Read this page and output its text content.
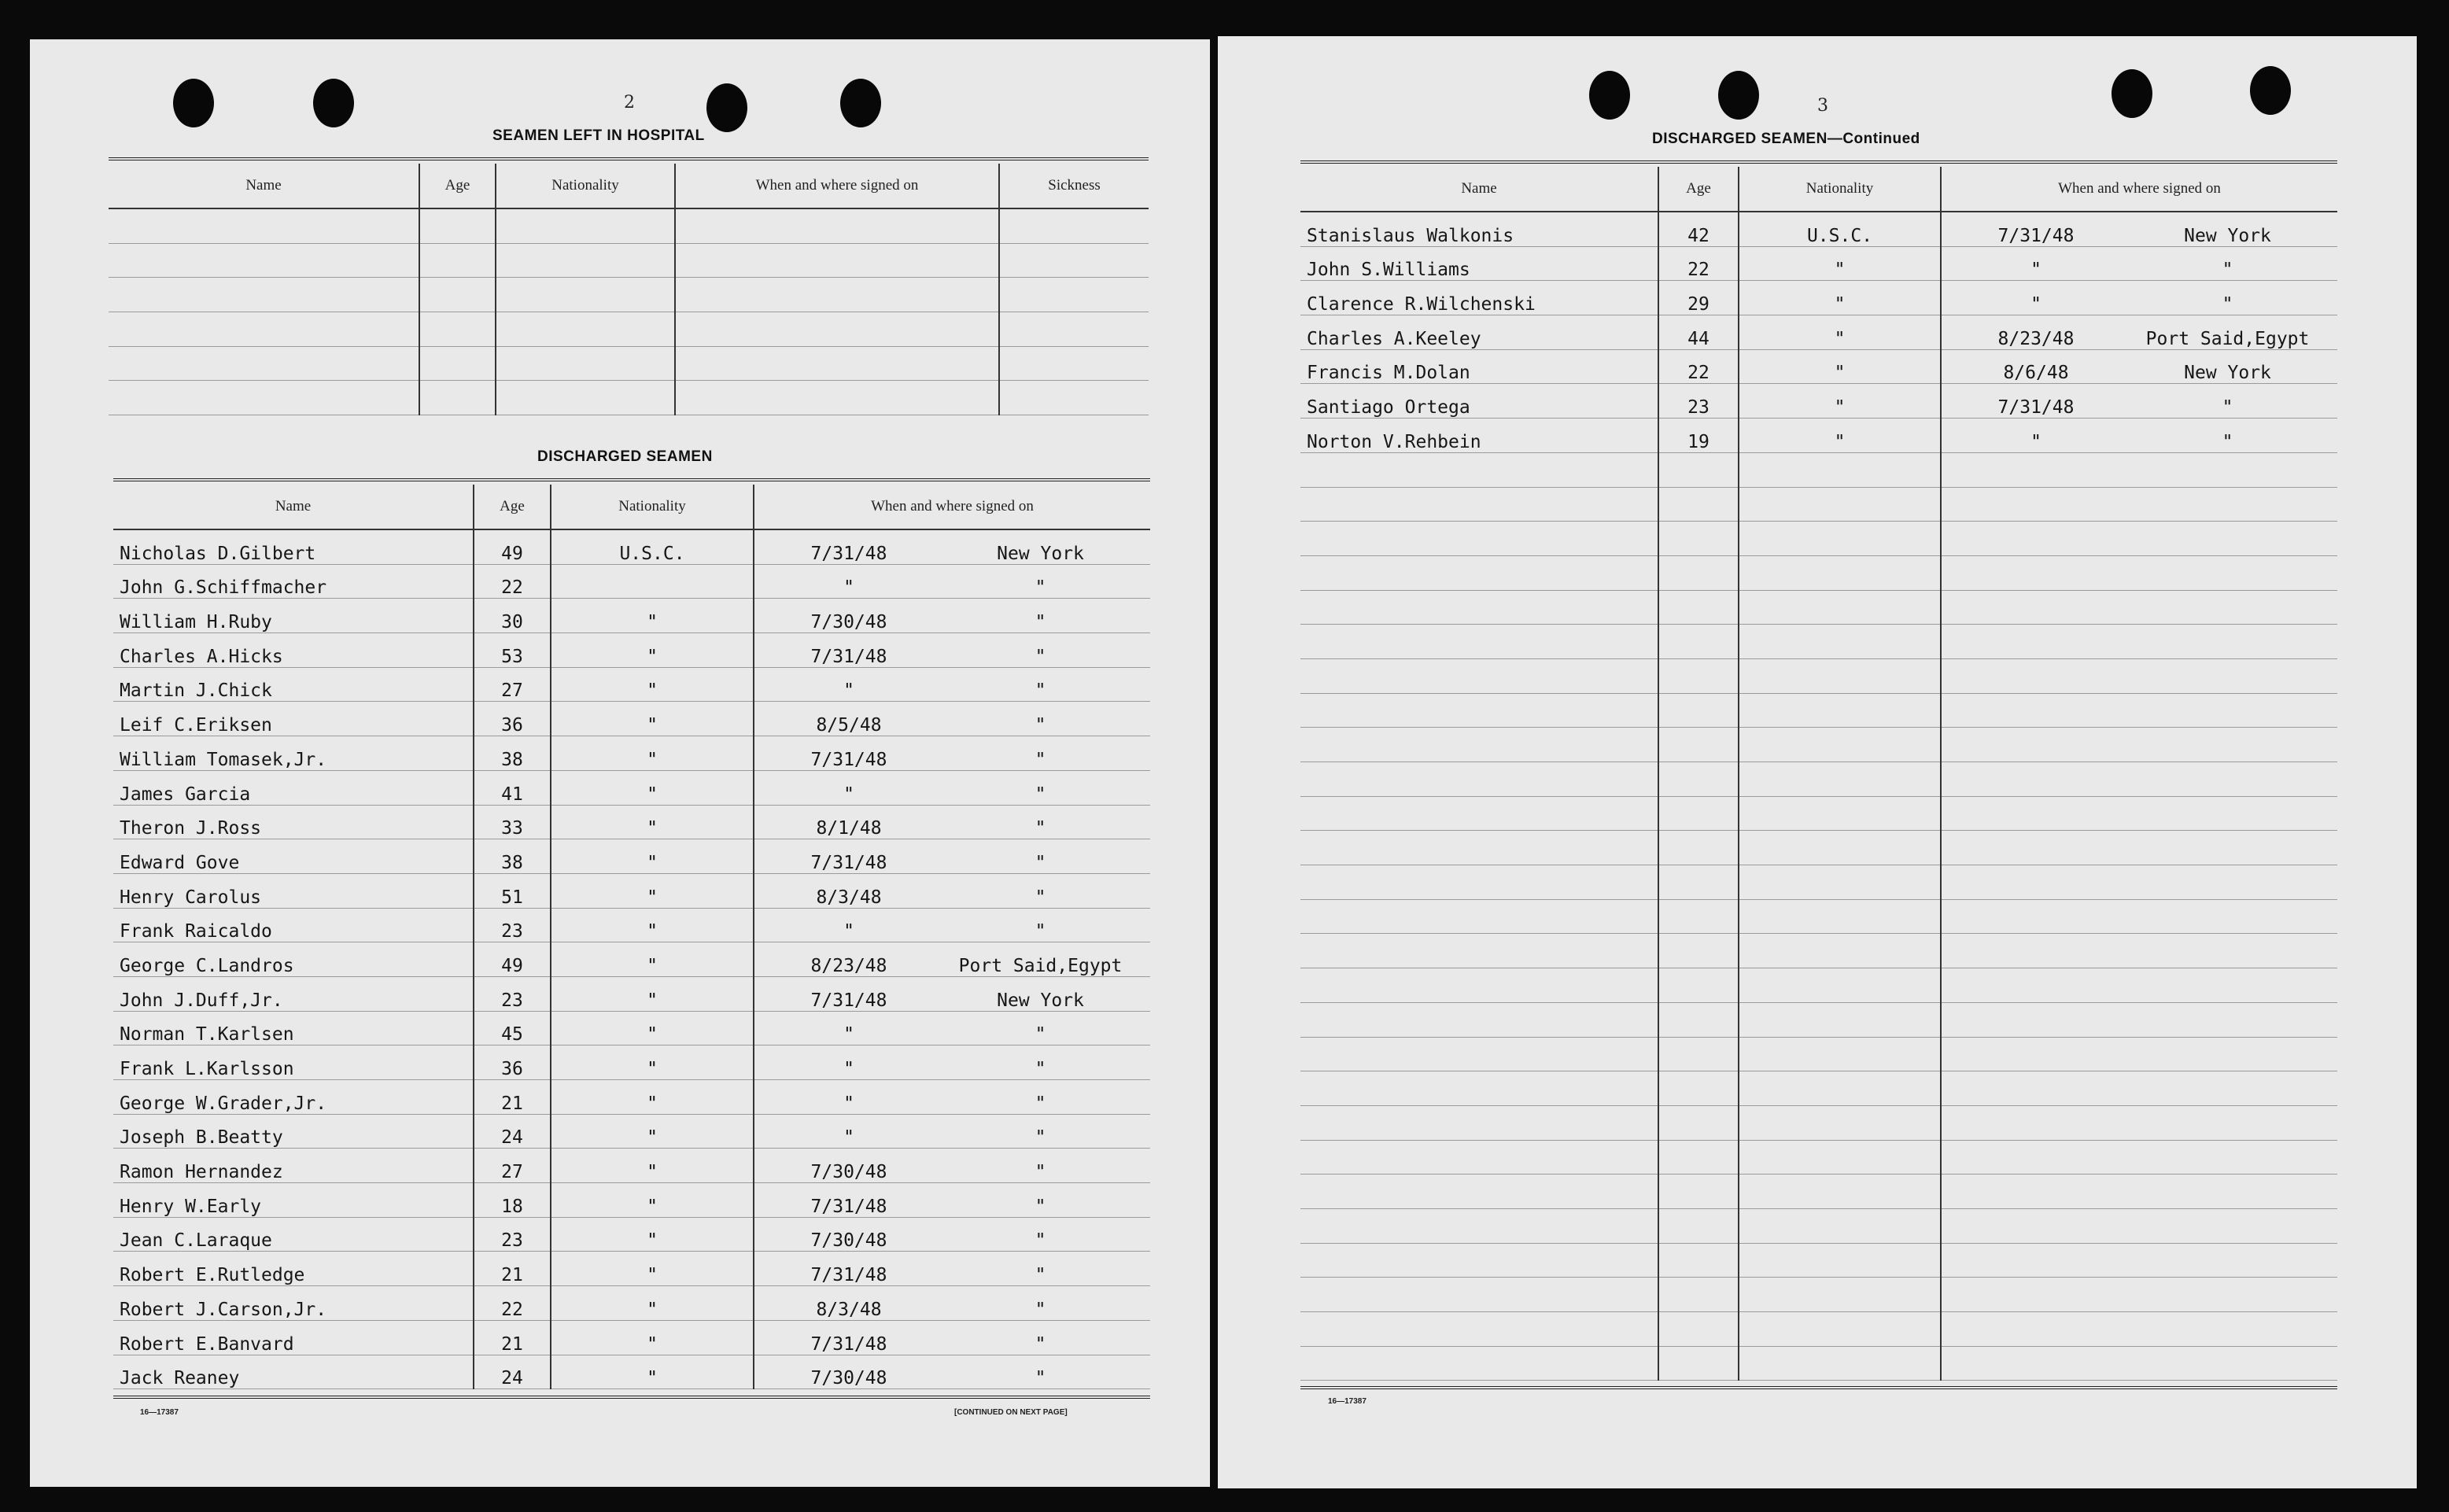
2
SEAMEN LEFT IN HOSPITAL
Name	Age	Nationality	When and where signed on	Sickness

DISCHARGED SEAMEN
Name	Age	Nationality	When and where signed on
Nicholas D.Gilbert	49	U.S.C.	7/31/48 New York

John G.Schiffmacher	22		" "

William H.Ruby	30	"	7/30/48 "

Charles A.Hicks	53	"	7/31/48 "

Martin J.Chick	27	"	" "

Leif C.Eriksen	36	"	8/5/48 "

William Tomasek,Jr.	38	"	7/31/48 "

James Garcia	41	"	" "

Theron J.Ross	33	"	8/1/48 "

Edward Gove	38	"	7/31/48 "

Henry Carolus	51	"	8/3/48 "

Frank Raicaldo	23	"	" "

George C.Landros	49	"	8/23/48 Port Said,Egypt

John J.Duff,Jr.	23	"	7/31/48 New York

Norman T.Karlsen	45	"	" "

Frank L.Karlsson	36	"	" "

George W.Grader,Jr.	21	"	" "

Joseph B.Beatty	24	"	" "

Ramon Hernandez	27	"	7/30/48 "

Henry W.Early	18	"	7/31/48 "

Jean C.Laraque	23	"	7/30/48 "

Robert E.Rutledge	21	"	7/31/48 "

Robert J.Carson,Jr.	22	"	8/3/48 "

Robert E.Banvard	21	"	7/31/48 "

Jack Reaney	24	"	7/30/48 "
16—17387	[CONTINUED ON NEXT PAGE]
3
DISCHARGED SEAMEN—Continued
Name	Age	Nationality	When and where signed on
Stanislaus Walkonis	42	U.S.C.	7/31/48 New York

John S.Williams	22	"	" "

Clarence R.Wilchenski	29	"	" "

Charles A.Keeley	44	"	8/23/48 Port Said,Egypt

Francis M.Dolan	22	"	8/6/48 New York

Santiago Ortega	23	"	7/31/48 "

Norton V.Rehbein	19	"	" "

16—17387
